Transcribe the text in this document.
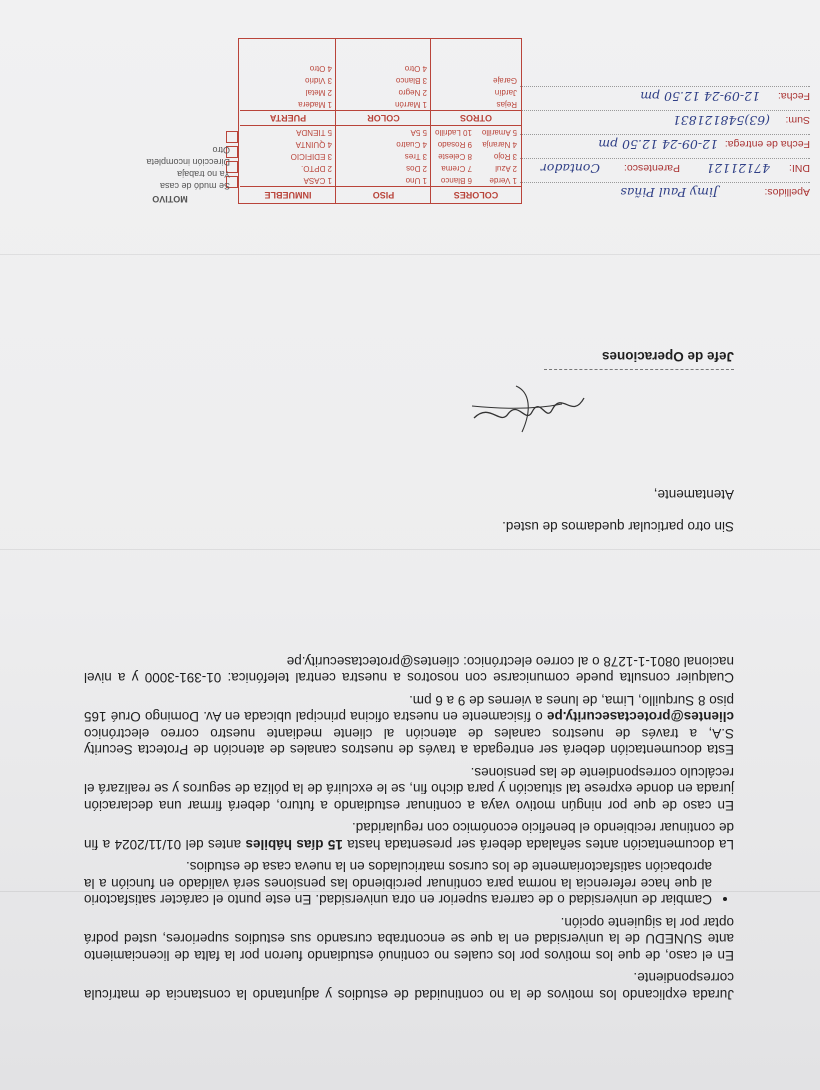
Jurada explicando los motivos de la no continuidad de estudios y adjuntando la constancia de matrícula correspondiente.

En el caso, de que los motivos por los cuales no continuó estudiando fueron por la falta de licenciamiento ante SUNEDU de la universidad en la que se encontraba cursando sus estudios superiores, usted podrá optar por la siguiente opción.

• Cambiar de universidad o de carrera superior en otra universidad. En este punto el carácter satisfactorio al que hace referencia la norma para continuar percibiendo las pensiones será validado en función a la aprobación satisfactoriamente de los cursos matriculados en la nueva casa de estudios.

La documentación antes señalada deberá ser presentada hasta 15 días hábiles antes del 01/11/2024 a fin de continuar recibiendo el beneficio económico con regularidad.

En caso de que por ningún motivo vaya a continuar estudiando a futuro, deberá firmar una declaración jurada en donde exprese tal situación y para dicho fin, se le excluirá de la póliza de seguros y se realizará el recálculo correspondiente de las pensiones.

Esta documentación deberá ser entregada a través de nuestros canales de atención de Protecta Security S.A, a través de nuestros canales de atención al cliente mediante nuestro correo electrónico clientes@protectasecurity.pe o físicamente en nuestra oficina principal ubicada en Av. Domingo Orué 165 piso 8 Surquillo, Lima, de lunes a viernes de 9 a 6 pm.

Cualquier consulta puede comunicarse con nosotros a nuestra central telefónica: 01-391-3000 y a nivel nacional 0801-1-1278 o al correo electrónico: clientes@protectasecurity.pe

Sin otro particular quedamos de usted.
Atentamente,
Jefe de Operaciones
Apellidos:
Jimy Paul Piñas
DNI:
47121121
Parentesco:
Contador
Fecha de entrega:
12-09-24 12.50 pm
Sum:
(63)548121831
Fecha:
12-09-24 12.50 pm
COLORES
1 Verde
2 Azul
3 Rojo
4 Naranja
5 Amarillo
6 Blanco
7 Crema
8 Celeste
9 Rosado
10 Ladrillo
OTROS
Rejas
Jardín
Garaje
PISO
1 Uno
2 Dos
3 Tres
4 Cuatro
5 5A
COLOR
1 Marrón
2 Negro
3 Blanco
4 Otro
INMUEBLE
1 CASA
2 DPTO.
3 EDIFICIO
4 QUINTA
5 TIENDA
PUERTA
1 Madera
2 Metal
3 Vidrio
4 Otro
MOTIVO
Se mudó de casa
Ya no trabaja
Dirección incompleta
Otro
